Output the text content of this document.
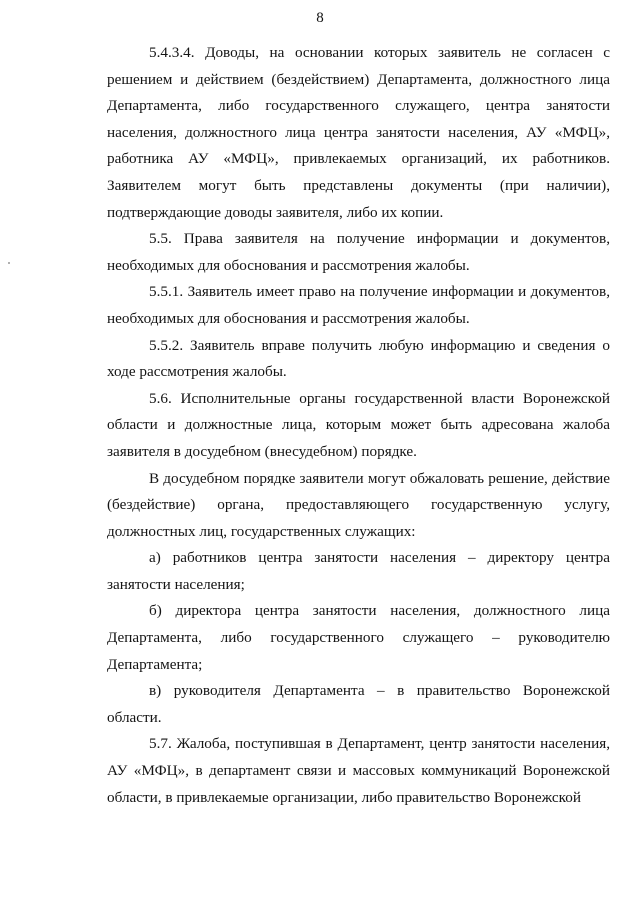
8

5.4.3.4. Доводы, на основании которых заявитель не согласен с решением и действием (бездействием) Департамента, должностного лица Департамента, либо государственного служащего, центра занятости населения, должностного лица центра занятости населения, АУ «МФЦ», работника АУ «МФЦ», привлекаемых организаций, их работников. Заявителем могут быть представлены документы (при наличии), подтверждающие доводы заявителя, либо их копии.

5.5. Права заявителя на получение информации и документов, необходимых для обоснования и рассмотрения жалобы.

5.5.1. Заявитель имеет право на получение информации и документов, необходимых для обоснования и рассмотрения жалобы.

5.5.2. Заявитель вправе получить любую информацию и сведения о ходе рассмотрения жалобы.

5.6. Исполнительные органы государственной власти Воронежской области и должностные лица, которым может быть адресована жалоба заявителя в досудебном (внесудебном) порядке.

В досудебном порядке заявители могут обжаловать решение, действие (бездействие) органа, предоставляющего государственную услугу, должностных лиц, государственных служащих:

а) работников центра занятости населения – директору центра занятости населения;

б) директора центра занятости населения, должностного лица Департамента, либо государственного служащего – руководителю Департамента;

в) руководителя Департамента – в правительство Воронежской области.

5.7. Жалоба, поступившая в Департамент, центр занятости населения, АУ «МФЦ», в департамент связи и массовых коммуникаций Воронежской области, в привлекаемые организации, либо правительство Воронежской
